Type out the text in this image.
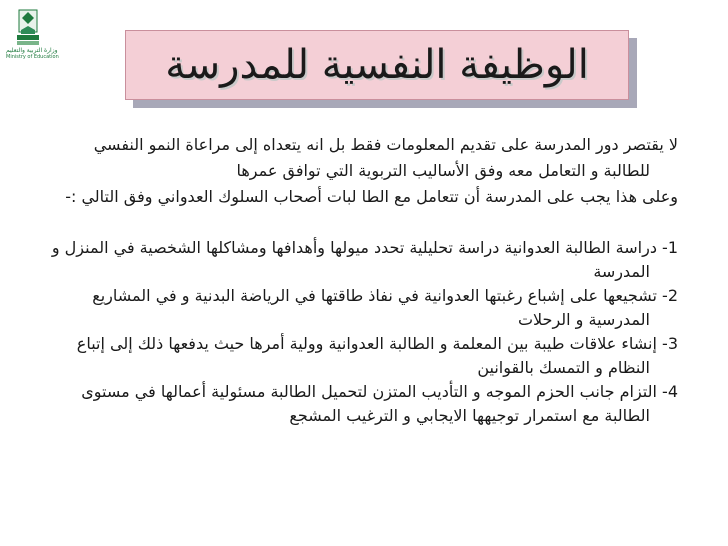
وزارة التربية والتعليم
Ministry of Education	الوظيفة النفسية للمدرسة

لا يقتصر دور المدرسة على تقديم المعلومات فقط بل انه يتعداه إلى مراعاة النمو النفسي للطالبة و التعامل معه وفق الأساليب التربوية التي توافق عمرها

وعلى هذا يجب على المدرسة أن تتعامل مع الطا لبات أصحاب السلوك العدواني وفق التالي :-

1- دراسة الطالبة العدوانية دراسة تحليلية تحدد ميولها وأهدافها ومشاكلها الشخصية في المنزل و المدرسة

2- تشجيعها على إشباع رغبتها العدوانية في نفاذ طاقتها في الرياضة البدنية و في المشاريع المدرسية و الرحلات

3- إنشاء علاقات طيبة بين المعلمة و الطالبة العدوانية وولية أمرها حيث يدفعها ذلك إلى إتباع النظام و التمسك بالقوانين

4- التزام جانب الحزم الموجه و التأديب المتزن لتحميل الطالبة مسئولية أعمالها في مستوى الطالبة مع استمرار توجيهها الايجابي و الترغيب المشجع
